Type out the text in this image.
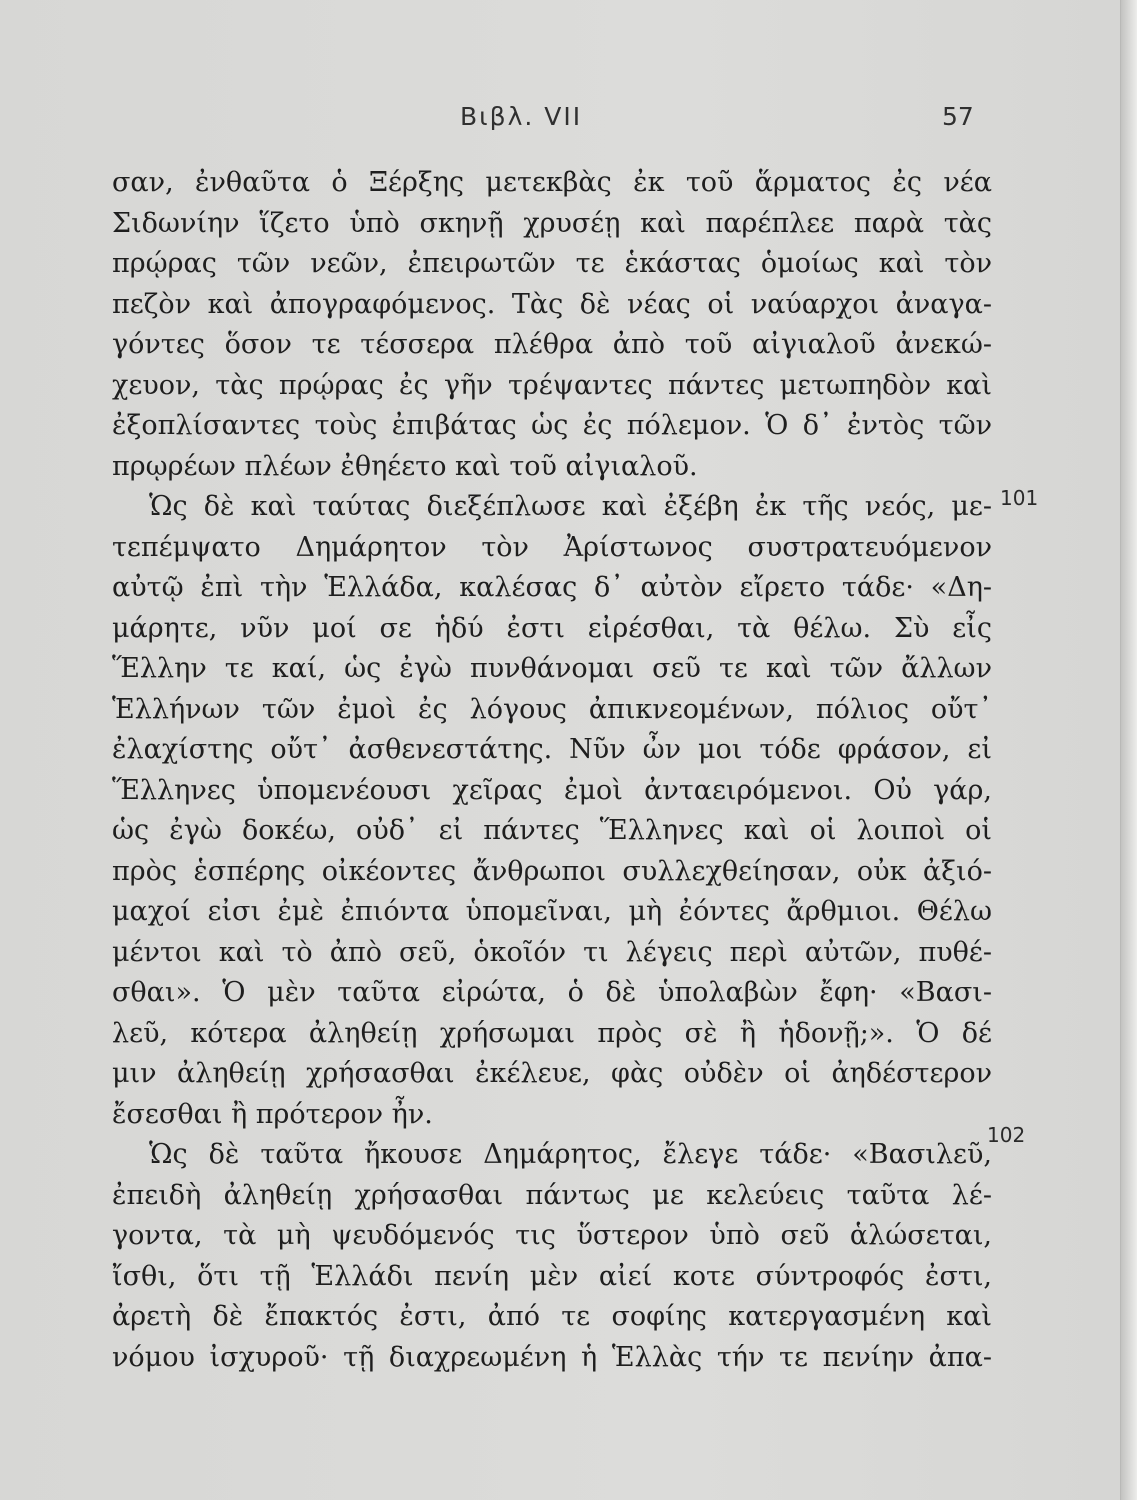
Βιβλ. VII	57
σαν, ἐνθαῦτα ὁ Ξέρξης μετεκβὰς ἐκ τοῦ ἅρματος ἐς νέα
Σιδωνίην ἵζετο ὑπὸ σκηνῇ χρυσέῃ καὶ παρέπλεε παρὰ τὰς
πρῴρας τῶν νεῶν, ἐπειρωτῶν τε ἑκάστας ὁμοίως καὶ τὸν
πεζὸν καὶ ἀπογραφόμενος. Τὰς δὲ νέας οἱ ναύαρχοι ἀναγα-
γόντες ὅσον τε τέσσερα πλέθρα ἀπὸ τοῦ αἰγιαλοῦ ἀνεκώ-
χευον, τὰς πρῴρας ἐς γῆν τρέψαντες πάντες μετωπηδὸν καὶ
ἐξοπλίσαντες τοὺς ἐπιβάτας ὡς ἐς πόλεμον. Ὁ δ᾽ ἐντὸς τῶν
πρῳρέων πλέων ἐθηέετο καὶ τοῦ αἰγιαλοῦ.
Ὡς δὲ καὶ ταύτας διεξέπλωσε καὶ ἐξέβη ἐκ τῆς νεός, με-
τεπέμψατο Δημάρητον τὸν Ἀρίστωνος συστρατευόμενον
αὐτῷ ἐπὶ τὴν Ἑλλάδα, καλέσας δ᾽ αὐτὸν εἴρετο τάδε· «Δη-
μάρητε, νῦν μοί σε ἡδύ ἐστι εἰρέσθαι, τὰ θέλω. Σὺ εἶς
Ἕλλην τε καί, ὡς ἐγὼ πυνθάνομαι σεῦ τε καὶ τῶν ἄλλων
Ἑλλήνων τῶν ἐμοὶ ἐς λόγους ἀπικνεομένων, πόλιος οὔτ᾽
ἐλαχίστης οὔτ᾽ ἀσθενεστάτης. Νῦν ὦν μοι τόδε φράσον, εἰ
Ἕλληνες ὑπομενέουσι χεῖρας ἐμοὶ ἀνταειρόμενοι. Οὐ γάρ,
ὡς ἐγὼ δοκέω, οὐδ᾽ εἰ πάντες Ἕλληνες καὶ οἱ λοιποὶ οἱ
πρὸς ἑσπέρης οἰκέοντες ἄνθρωποι συλλεχθείησαν, οὐκ ἀξιό-
μαχοί εἰσι ἐμὲ ἐπιόντα ὑπομεῖναι, μὴ ἐόντες ἄρθμιοι. Θέλω
μέντοι καὶ τὸ ἀπὸ σεῦ, ὁκοῖόν τι λέγεις περὶ αὐτῶν, πυθέ-
σθαι». Ὁ μὲν ταῦτα εἰρώτα, ὁ δὲ ὑπολαβὼν ἔφη· «Βασι-
λεῦ, κότερα ἀληθείῃ χρήσωμαι πρὸς σὲ ἢ ἡδονῇ;». Ὁ δέ
μιν ἀληθείῃ χρήσασθαι ἐκέλευε, φὰς οὐδὲν οἱ ἀηδέστερον
ἔσεσθαι ἢ πρότερον ἦν.
Ὡς δὲ ταῦτα ἤκουσε Δημάρητος, ἔλεγε τάδε· «Βασιλεῦ,
ἐπειδὴ ἀληθείῃ χρήσασθαι πάντως με κελεύεις ταῦτα λέ-
γοντα, τὰ μὴ ψευδόμενός τις ὕστερον ὑπὸ σεῦ ἁλώσεται,
ἴσθι, ὅτι τῇ Ἑλλάδι πενίη μὲν αἰεί κοτε σύντροφός ἐστι,
ἀρετὴ δὲ ἔπακτός ἐστι, ἀπό τε σοφίης κατεργασμένη καὶ
νόμου ἰσχυροῦ· τῇ διαχρεωμένη ἡ Ἑλλὰς τήν τε πενίην ἀπα-
101
102
